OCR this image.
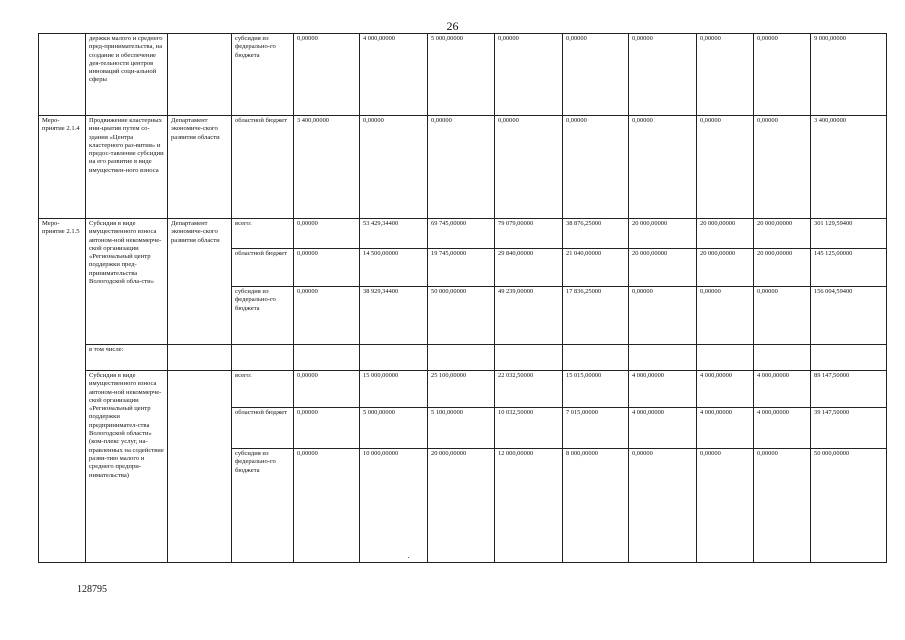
26
	держки малого и среднего пред-принимательства, на создание и обеспечение дея-тельности центров инноваций соци-альной сферы		субсидия из федерально-го бюджета	0,00000	4 000,00000	5 000,00000	0,00000	0,00000	0,00000	0,00000	0,00000	9 000,00000
Меро-приятие 2.1.4	Продвижение кластерных ини-циатив путем со-здания «Центра кластерного раз-вития» и предос-тавление субсидии на его развитие в виде имуществен-ного взноса	Департамент экономиче-ского развития области	областной бюджет	3 400,00000	0,00000	0,00000	0,00000	0,00000	0,00000	0,00000	0,00000	3 400,00000
Меро-приятие 2.1.5	Субсидия в виде имущественного взноса автоном-ной некоммерче-ской организации «Региональный центр поддержки пред-принимательства Вологодской обла-сти»	Департамент экономиче-ского развития области	всего:	0,00000	53 429,34400	69 745,00000	79 079,00000	38 876,25000	20 000,00000	20 000,00000	20 000,00000	301 129,59400
			областной бюджет	0,00000	14 500,00000	19 745,00000	29 840,00000	21 040,00000	20 000,00000	20 000,00000	20 000,00000	145 125,00000
			субсидия из федерально-го бюджета	0,00000	38 929,34400	50 000,00000	49 239,00000	17 836,25000	0,00000	0,00000	0,00000	156 004,59400
	в том числе:											
	Субсидия в виде имущественного взноса автоном-ной некоммерче-ской организации «Региональный центр поддержки предпринимател-ства Вологодской области» (ком-плекс услуг, на-правленных на содействие разви-тию малого и среднего предпри-нимательства)		всего:	0,00000	15 000,00000	25 100,00000	22 032,50000	15 015,00000	4 000,00000	4 000,00000	4 000,00000	89 147,50000
			областной бюджет	0,00000	5 000,00000	5 100,00000	10 032,50000	7 015,00000	4 000,00000	4 000,00000	4 000,00000	39 147,50000
			субсидия из федерально-го бюджета	0,00000	10 000,00000	20 000,00000	12 000,00000	8 000,00000	0,00000	0,00000	0,00000	50 000,00000
128795
